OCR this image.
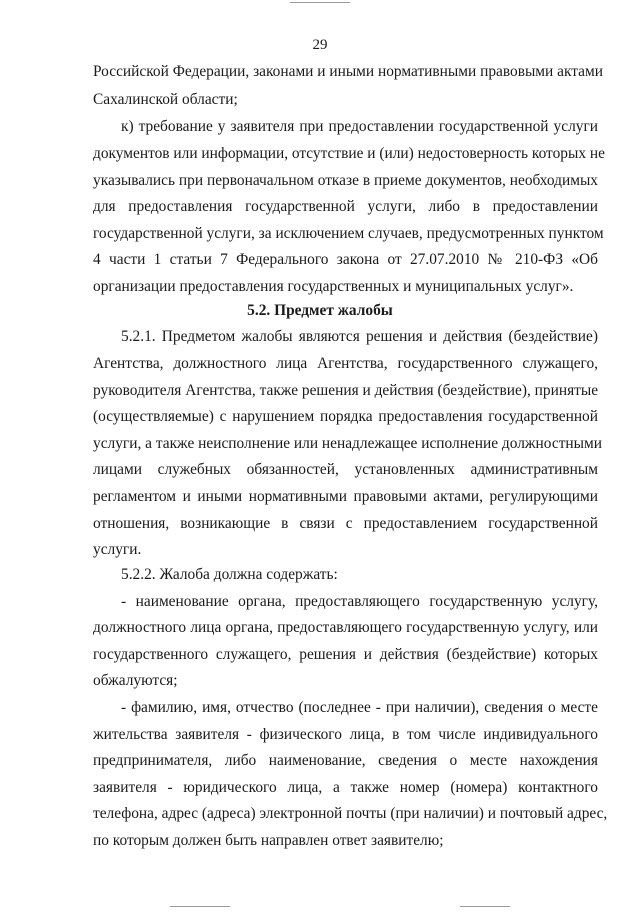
29
Российской Федерации, законами и иными нормативными правовыми актами
Сахалинской области;
к) требование у заявителя при предоставлении государственной услуги
документов или информации, отсутствие и (или) недостоверность которых не
указывались при первоначальном отказе в приеме документов, необходимых
для предоставления государственной услуги, либо в предоставлении
государственной услуги, за исключением случаев, предусмотренных пунктом
4 части 1 статьи 7 Федерального закона от 27.07.2010 № 210-ФЗ «Об
организации предоставления государственных и муниципальных услуг».
5.2. Предмет жалобы
5.2.1. Предметом жалобы являются решения и действия (бездействие)
Агентства, должностного лица Агентства, государственного служащего,
руководителя Агентства, также решения и действия (бездействие), принятые
(осуществляемые) с нарушением порядка предоставления государственной
услуги, а также неисполнение или ненадлежащее исполнение должностными
лицами служебных обязанностей, установленных административным
регламентом и иными нормативными правовыми актами, регулирующими
отношения, возникающие в связи с предоставлением государственной
услуги.
5.2.2. Жалоба должна содержать:
- наименование органа, предоставляющего государственную услугу,
должностного лица органа, предоставляющего государственную услугу, или
государственного служащего, решения и действия (бездействие) которых
обжалуются;
- фамилию, имя, отчество (последнее - при наличии), сведения о месте
жительства заявителя - физического лица, в том числе индивидуального
предпринимателя, либо наименование, сведения о месте нахождения
заявителя - юридического лица, а также номер (номера) контактного
телефона, адрес (адреса) электронной почты (при наличии) и почтовый адрес,
по которым должен быть направлен ответ заявителю;
